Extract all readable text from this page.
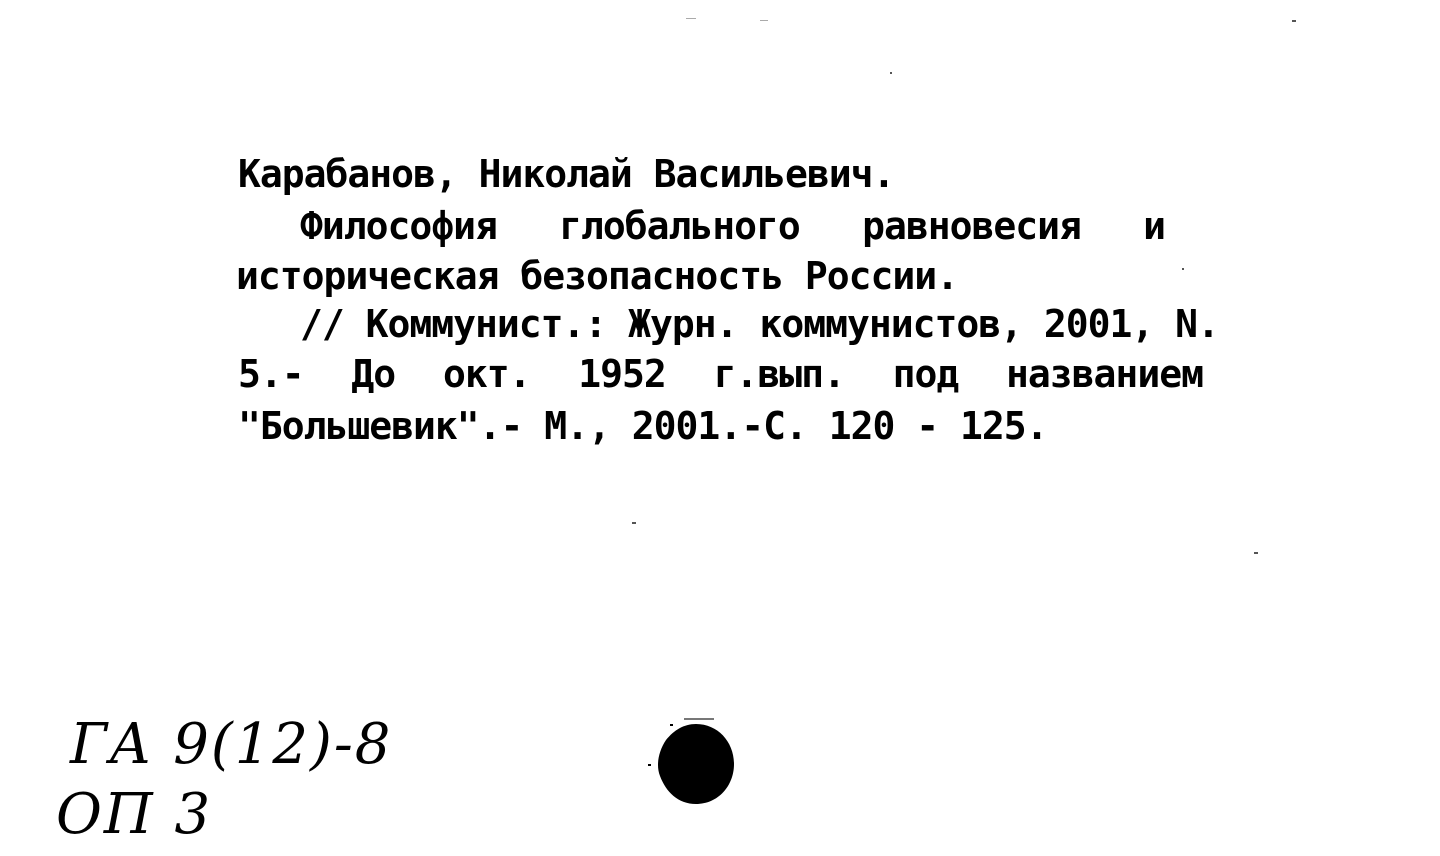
Карабанов, Николай Васильевич.
Философия глобального равновесия и
историческая безопасность России.
// Коммунист.: Журн. коммунистов, 2001, N.
5.- До окт. 1952 г.вып. под названием
"Большевик".- М., 2001.-С. 120 - 125.
ГА 9(12)-8
ОП 3
